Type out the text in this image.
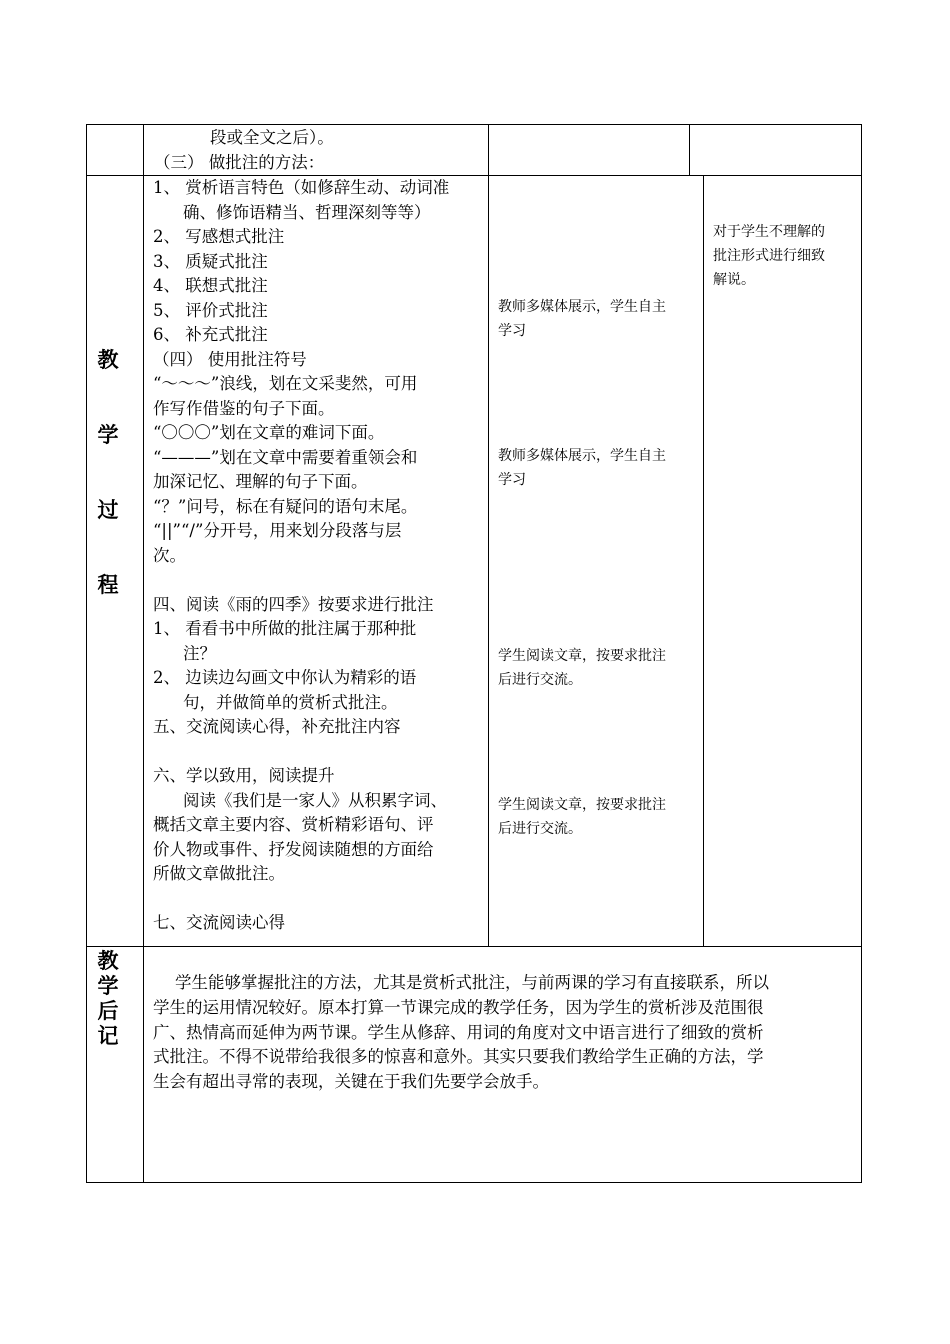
段或全文之后）。
（三） 做批注的方法：
教
学
过
程
1、 赏析语言特色（如修辞生动、动词准
确、修饰语精当、哲理深刻等等）
2、 写感想式批注
3、 质疑式批注
4、 联想式批注
5、 评价式批注
6、 补充式批注
（四） 使用批注符号
“～～～”浪线，划在文采斐然，可用
作写作借鉴的句子下面。
“〇〇〇”划在文章的难词下面。
“———”划在文章中需要着重领会和
加深记忆、理解的句子下面。
“？”问号，标在有疑问的语句末尾。
“||”“/”分开号，用来划分段落与层
次。
四、阅读《雨的四季》按要求进行批注
1、 看看书中所做的批注属于那种批
注？
2、 边读边勾画文中你认为精彩的语
句，并做简单的赏析式批注。
五、交流阅读心得，补充批注内容
六、学以致用，阅读提升
阅读《我们是一家人》从积累字词、
概括文章主要内容、赏析精彩语句、评
价人物或事件、抒发阅读随想的方面给
所做文章做批注。
七、交流阅读心得
教师多媒体展示，学生自主
学习
教师多媒体展示，学生自主
学习
学生阅读文章，按要求批注
后进行交流。
学生阅读文章，按要求批注
后进行交流。
对于学生不理解的
批注形式进行细致
解说。
教
学
后
记
学生能够掌握批注的方法，尤其是赏析式批注，与前两课的学习有直接联系，所以
学生的运用情况较好。原本打算一节课完成的教学任务，因为学生的赏析涉及范围很
广、热情高而延伸为两节课。学生从修辞、用词的角度对文中语言进行了细致的赏析
式批注。不得不说带给我很多的惊喜和意外。其实只要我们教给学生正确的方法，学
生会有超出寻常的表现，关键在于我们先要学会放手。
